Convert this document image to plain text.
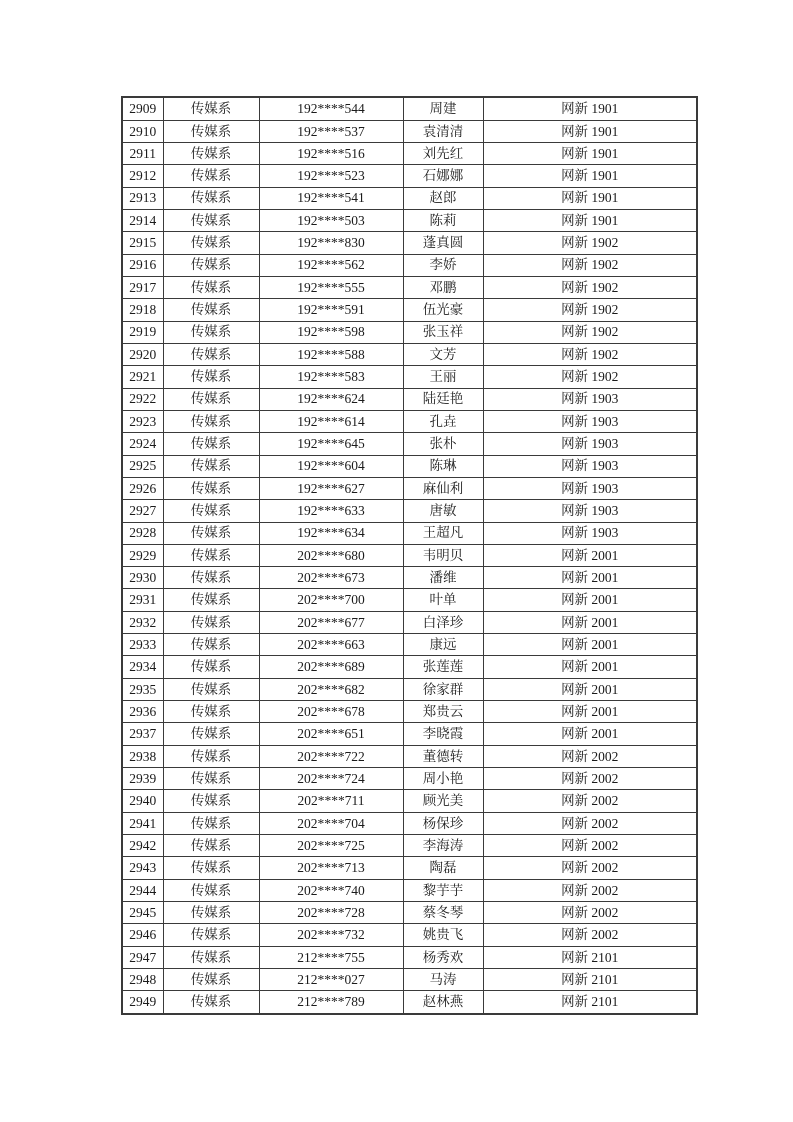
2909	传媒系	192****544	周建	网新 1901
2910	传媒系	192****537	袁清清	网新 1901
2911	传媒系	192****516	刘先红	网新 1901
2912	传媒系	192****523	石娜娜	网新 1901
2913	传媒系	192****541	赵郎	网新 1901
2914	传媒系	192****503	陈莉	网新 1901
2915	传媒系	192****830	蓬真圆	网新 1902
2916	传媒系	192****562	李娇	网新 1902
2917	传媒系	192****555	邓鹏	网新 1902
2918	传媒系	192****591	伍光豪	网新 1902
2919	传媒系	192****598	张玉祥	网新 1902
2920	传媒系	192****588	文芳	网新 1902
2921	传媒系	192****583	王丽	网新 1902
2922	传媒系	192****624	陆廷艳	网新 1903
2923	传媒系	192****614	孔垚	网新 1903
2924	传媒系	192****645	张朴	网新 1903
2925	传媒系	192****604	陈琳	网新 1903
2926	传媒系	192****627	麻仙利	网新 1903
2927	传媒系	192****633	唐敏	网新 1903
2928	传媒系	192****634	王超凡	网新 1903
2929	传媒系	202****680	韦明贝	网新 2001
2930	传媒系	202****673	潘维	网新 2001
2931	传媒系	202****700	叶单	网新 2001
2932	传媒系	202****677	白泽珍	网新 2001
2933	传媒系	202****663	康远	网新 2001
2934	传媒系	202****689	张莲莲	网新 2001
2935	传媒系	202****682	徐家群	网新 2001
2936	传媒系	202****678	郑贵云	网新 2001
2937	传媒系	202****651	李晓霞	网新 2001
2938	传媒系	202****722	董德转	网新 2002
2939	传媒系	202****724	周小艳	网新 2002
2940	传媒系	202****711	顾光美	网新 2002
2941	传媒系	202****704	杨保珍	网新 2002
2942	传媒系	202****725	李海涛	网新 2002
2943	传媒系	202****713	陶磊	网新 2002
2944	传媒系	202****740	黎芋芋	网新 2002
2945	传媒系	202****728	蔡冬琴	网新 2002
2946	传媒系	202****732	姚贵飞	网新 2002
2947	传媒系	212****755	杨秀欢	网新 2101
2948	传媒系	212****027	马涛	网新 2101
2949	传媒系	212****789	赵林燕	网新 2101
